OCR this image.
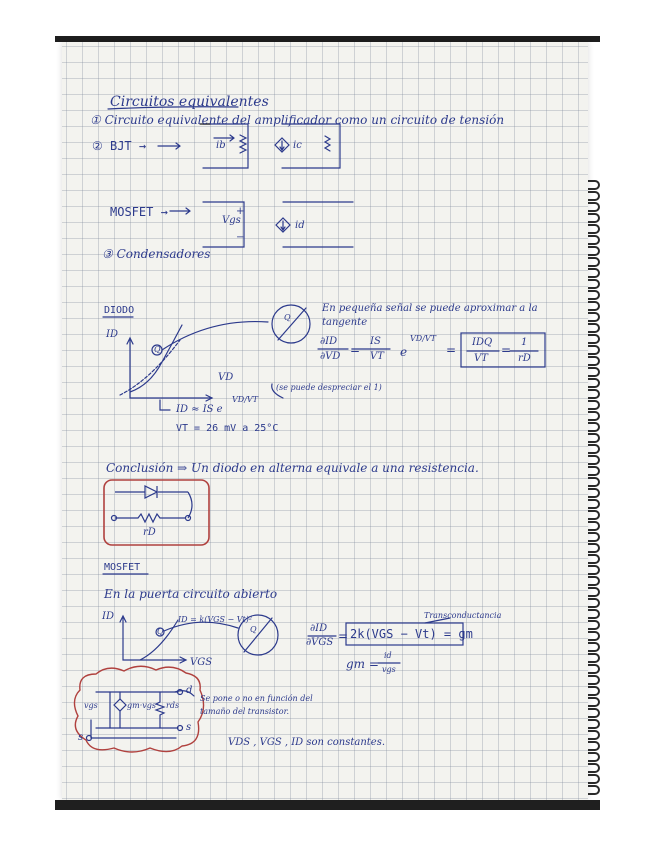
Circuitos equivalentes
① Circuito equivalente del amplificador como un circuito de tensión
② BJT →	ib	ic
MOSFET →
Vgs
+
−
id
③ Condensadores
DIODO
ID
VD
Q
Q
En pequeña señal se puede aproximar a la
tangente
∂ID
∂VD =
IS
VT e
VD/VT
=
IDQ
VT
=
1
rD
(se puede despreciar el 1)
ID ≈ IS e
VD/VT
VT = 26 mV a 25°C
Conclusión ⇒ Un diodo en alterna equivale a una resistencia.
rD
MOSFET
En la puerta circuito abierto
ID
VGS
Q
ID = k(VGS − Vt)²
Q	∂ID
∂VGS = 2k(VGS − Vt) = gm
Transconductancia
gm =
id
vgs
d
s
s
vgs	gm·vgs rds
Se pone o no en función del
tamaño del transistor.
VDS , VGS , ID son constantes.
